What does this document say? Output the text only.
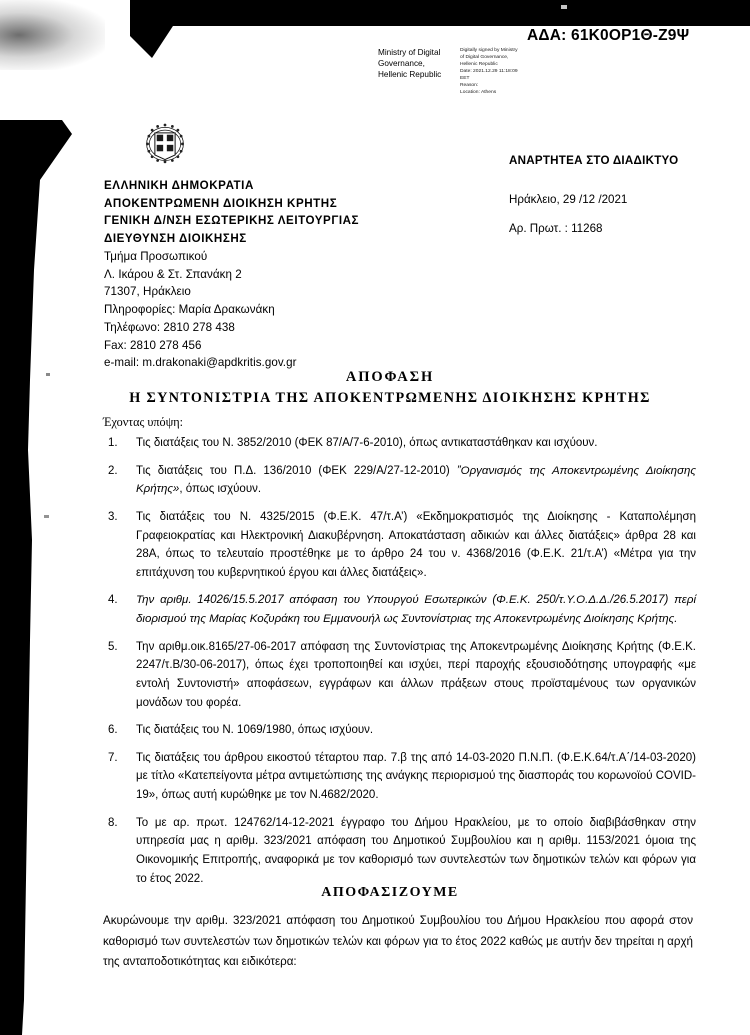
ΑΔΑ: 61Κ0ΟΡ1Θ-Ζ9Ψ
Ministry of Digital
Governance,
Hellenic Republic
Digitally signed by Ministry
of Digital Governance,
Hellenic Republic
Date: 2021.12.29 11:18:09
EET
Reason:
Location: Athens
ΕΛΛΗΝΙΚΗ ΔΗΜΟΚΡΑΤΙΑ
ΑΠΟΚΕΝΤΡΩΜΕΝΗ ΔΙΟΙΚΗΣΗ ΚΡΗΤΗΣ
ΓΕΝΙΚΗ Δ/ΝΣΗ ΕΣΩΤΕΡΙΚΗΣ ΛΕΙΤΟΥΡΓΙΑΣ
ΔΙΕΥΘΥΝΣΗ ΔΙΟΙΚΗΣΗΣ
Τμήμα Προσωπικού
Λ. Ικάρου & Στ. Σπανάκη 2
71307, Ηράκλειο
Πληροφορίες: Μαρία Δρακωνάκη
Τηλέφωνο: 2810 278 438
Fax: 2810 278 456
e-mail: m.drakonaki@apdkritis.gov.gr
ΑΝΑΡΤΗΤΕΑ ΣΤΟ ΔΙΑΔΙΚΤΥΟ
Ηράκλειο, 29 /12 /2021
Αρ. Πρωτ. : 11268
ΑΠΟΦΑΣΗ
Η ΣΥΝΤΟΝΙΣΤΡΙΑ ΤΗΣ ΑΠΟΚΕΝΤΡΩΜΕΝΗΣ ΔΙΟΙΚΗΣΗΣ ΚΡΗΤΗΣ
Έχοντας υπόψη:
1.	Τις διατάξεις του Ν. 3852/2010 (ΦΕΚ 87/Α/7-6-2010), όπως αντικαταστάθηκαν και ισχύουν.
2.	Τις διατάξεις του Π.Δ. 136/2010 (ΦΕΚ 229/Α/27-12-2010) ”Οργανισμός της Αποκεντρωμένης Διοίκησης Κρήτης», όπως ισχύουν.
3.	Τις διατάξεις του Ν. 4325/2015 (Φ.Ε.Κ. 47/τ.Α’) «Εκδημοκρατισμός της Διοίκησης - Καταπολέμηση Γραφειοκρατίας και Ηλεκτρονική Διακυβέρνηση. Αποκατάσταση αδικιών και άλλες διατάξεις» άρθρα 28 και 28Α, όπως το τελευταίο προστέθηκε με το άρθρο 24 του ν. 4368/2016 (Φ.Ε.Κ. 21/τ.Α’) «Μέτρα για την επιτάχυνση του κυβερνητικού έργου και άλλες διατάξεις».
4.	Την αριθμ. 14026/15.5.2017 απόφαση του Υπουργού Εσωτερικών (Φ.Ε.Κ. 250/τ.Υ.Ο.Δ.Δ./26.5.2017) περί διορισμού της Μαρίας Κοζυράκη του Εμμανουήλ ως Συντονίστριας της Αποκεντρωμένης Διοίκησης Κρήτης.
5.	Την αριθμ.οικ.8165/27-06-2017 απόφαση της Συντονίστριας της Αποκεντρωμένης Διοίκησης Κρήτης (Φ.Ε.Κ. 2247/τ.Β/30-06-2017), όπως έχει τροποποιηθεί και ισχύει, περί παροχής εξουσιοδότησης υπογραφής «με εντολή Συντονιστή» αποφάσεων, εγγράφων και άλλων πράξεων στους προϊσταμένους των οργανικών μονάδων του φορέα.
6.	Τις διατάξεις του Ν. 1069/1980, όπως ισχύουν.
7.	Τις διατάξεις του άρθρου εικοστού τέταρτου παρ. 7.β της από 14-03-2020 Π.Ν.Π. (Φ.Ε.Κ.64/τ.Α΄/14-03-2020) με τίτλο «Κατεπείγοντα μέτρα αντιμετώπισης της ανάγκης περιορισμού της διασποράς του κορωνοϊού COVID-19», όπως αυτή κυρώθηκε με τον Ν.4682/2020.
8.	Το με αρ. πρωτ. 124762/14-12-2021 έγγραφο του Δήμου Ηρακλείου, με το οποίο διαβιβάσθηκαν στην υπηρεσία μας η αριθμ. 323/2021 απόφαση του Δημοτικού Συμβουλίου και η αριθμ. 1153/2021 όμοια της Οικονομικής Επιτροπής, αναφορικά με τον καθορισμό των συντελεστών των δημοτικών τελών και φόρων για το έτος 2022.
ΑΠΟΦΑΣΙΖΟΥΜΕ
Ακυρώνουμε την αριθμ. 323/2021 απόφαση του Δημοτικού Συμβουλίου του Δήμου Ηρακλείου που αφορά στον καθορισμό των συντελεστών των δημοτικών τελών και φόρων για το έτος 2022 καθώς με αυτήν δεν τηρείται η αρχή της ανταποδοτικότητας και ειδικότερα:
